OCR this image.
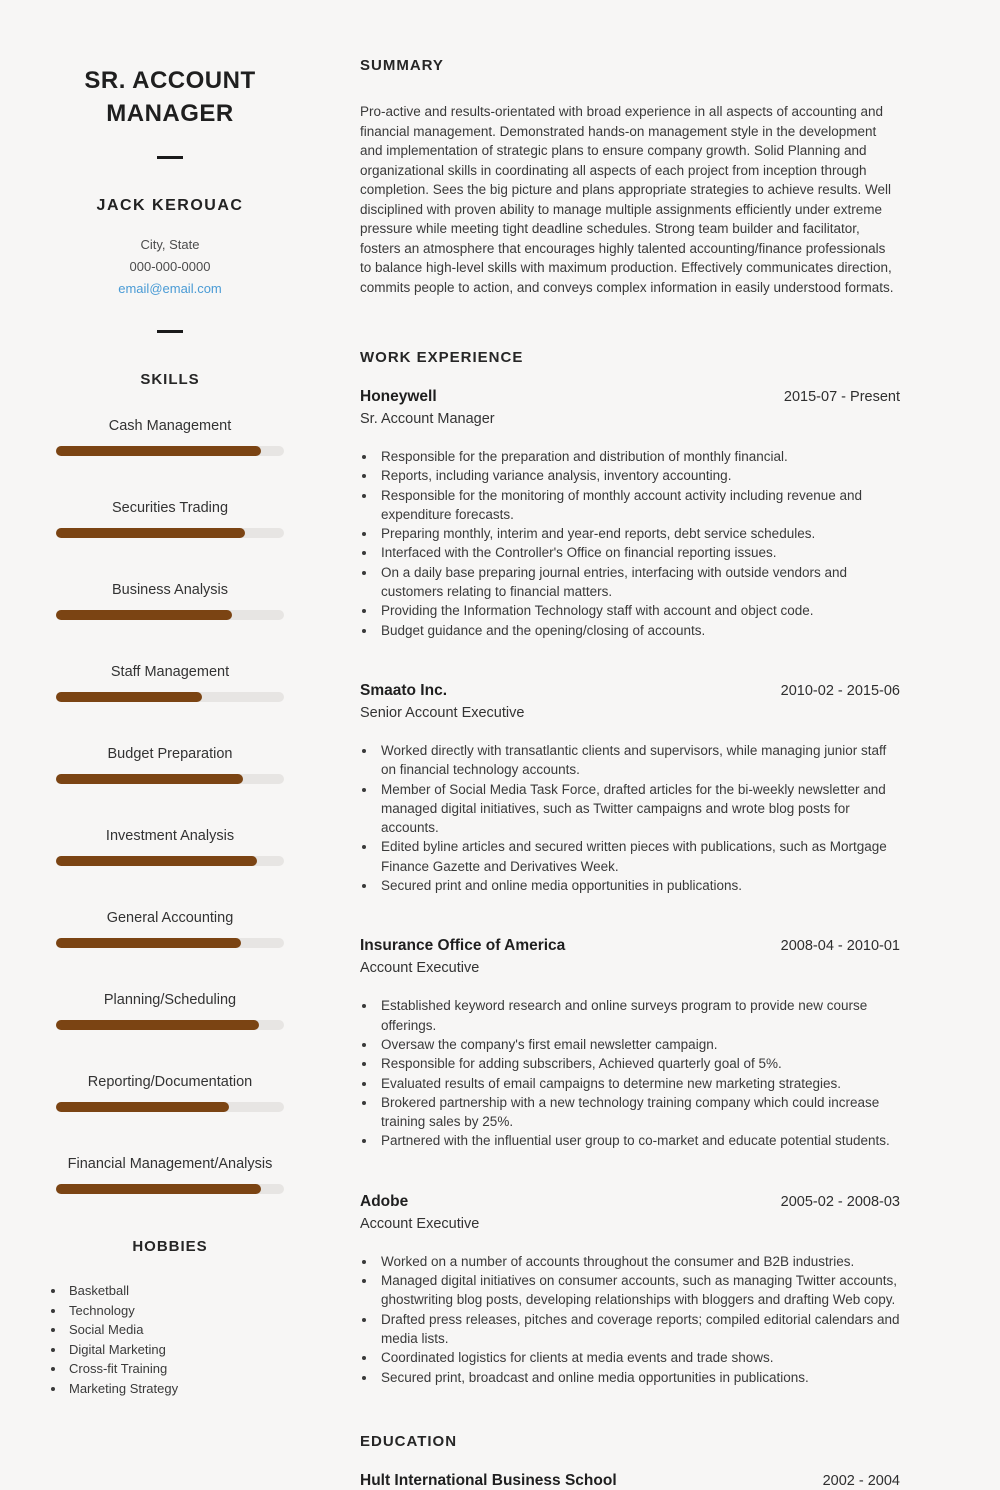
SR. ACCOUNT MANAGER
JACK KEROUAC
City, State
000-000-0000
email@email.com
SKILLS
Cash Management
Securities Trading
Business Analysis
Staff Management
Budget Preparation
Investment Analysis
General Accounting
Planning/Scheduling
Reporting/Documentation
Financial Management/Analysis
HOBBIES
• Basketball
• Technology
• Social Media
• Digital Marketing
• Cross-fit Training
• Marketing Strategy
SUMMARY

Pro-active and results-orientated with broad experience in all aspects of accounting and financial management. Demonstrated hands-on management style in the development and implementation of strategic plans to ensure company growth. Solid Planning and organizational skills in coordinating all aspects of each project from inception through completion. Sees the big picture and plans appropriate strategies to achieve results. Well disciplined with proven ability to manage multiple assignments efficiently under extreme pressure while meeting tight deadline schedules. Strong team builder and facilitator, fosters an atmosphere that encourages highly talented accounting/finance professionals to balance high-level skills with maximum production. Effectively communicates direction, commits people to action, and conveys complex information in easily understood formats.

WORK EXPERIENCE
Honeywell	2015-07 - Present
Sr. Account Manager
• Responsible for the preparation and distribution of monthly financial.
• Reports, including variance analysis, inventory accounting.
• Responsible for the monitoring of monthly account activity including revenue and expenditure forecasts.
• Preparing monthly, interim and year-end reports, debt service schedules.
• Interfaced with the Controller's Office on financial reporting issues.
• On a daily base preparing journal entries, interfacing with outside vendors and customers relating to financial matters.
• Providing the Information Technology staff with account and object code.
• Budget guidance and the opening/closing of accounts.
Smaato Inc.	2010-02 - 2015-06
Senior Account Executive
• Worked directly with transatlantic clients and supervisors, while managing junior staff on financial technology accounts.
• Member of Social Media Task Force, drafted articles for the bi-weekly newsletter and managed digital initiatives, such as Twitter campaigns and wrote blog posts for accounts.
• Edited byline articles and secured written pieces with publications, such as Mortgage Finance Gazette and Derivatives Week.
• Secured print and online media opportunities in publications.
Insurance Office of America	2008-04 - 2010-01
Account Executive
• Established keyword research and online surveys program to provide new course offerings.
• Oversaw the company's first email newsletter campaign.
• Responsible for adding subscribers, Achieved quarterly goal of 5%.
• Evaluated results of email campaigns to determine new marketing strategies.
• Brokered partnership with a new technology training company which could increase training sales by 25%.
• Partnered with the influential user group to co-market and educate potential students.
Adobe	2005-02 - 2008-03
Account Executive
• Worked on a number of accounts throughout the consumer and B2B industries.
• Managed digital initiatives on consumer accounts, such as managing Twitter accounts, ghostwriting blog posts, developing relationships with bloggers and drafting Web copy.
• Drafted press releases, pitches and coverage reports; compiled editorial calendars and media lists.
• Coordinated logistics for clients at media events and trade shows.
• Secured print, broadcast and online media opportunities in publications.
EDUCATION
Hult International Business School	2002 - 2004
